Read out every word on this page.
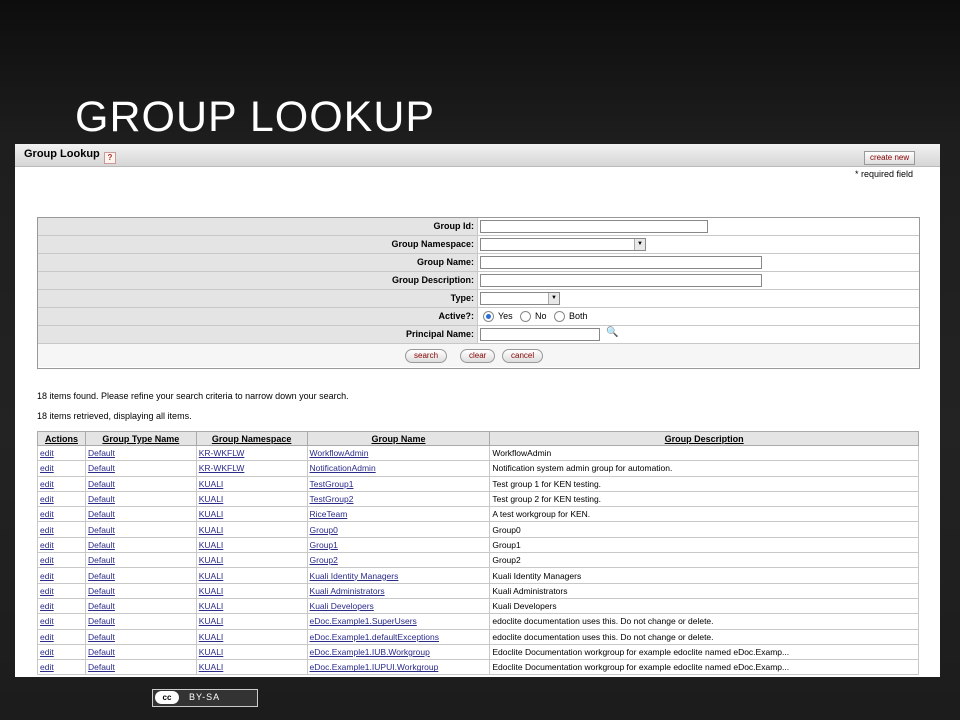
GROUP LOOKUP
Group Lookup ?	create new
* required field
Group Id:
Group Namespace:	▼
Group Name:
Group Description:
Type:	▼
Active?:	Yes No Both
Principal Name:	🔍
search	clear	cancel
18 items found. Please refine your search criteria to narrow down your search.
18 items retrieved, displaying all items.
Actions	Group Type Name	Group Namespace	Group Name	Group Description
edit	Default	KR-WKFLW	WorkflowAdmin	WorkflowAdmin
edit	Default	KR-WKFLW	NotificationAdmin	Notification system admin group for automation.
edit	Default	KUALI	TestGroup1	Test group 1 for KEN testing.
edit	Default	KUALI	TestGroup2	Test group 2 for KEN testing.
edit	Default	KUALI	RiceTeam	A test workgroup for KEN.
edit	Default	KUALI	Group0	Group0
edit	Default	KUALI	Group1	Group1
edit	Default	KUALI	Group2	Group2
edit	Default	KUALI	Kuali Identity Managers	Kuali Identity Managers
edit	Default	KUALI	Kuali Administrators	Kuali Administrators
edit	Default	KUALI	Kuali Developers	Kuali Developers
edit	Default	KUALI	eDoc.Example1.SuperUsers	edoclite documentation uses this. Do not change or delete.
edit	Default	KUALI	eDoc.Example1.defaultExceptions	edoclite documentation uses this. Do not change or delete.
edit	Default	KUALI	eDoc.Example1.IUB.Workgroup	Edoclite Documentation workgroup for example edoclite named eDoc.Examp...
edit	Default	KUALI	eDoc.Example1.IUPUI.Workgroup	Edoclite Documentation workgroup for example edoclite named eDoc.Examp...
cc	BY-SA
